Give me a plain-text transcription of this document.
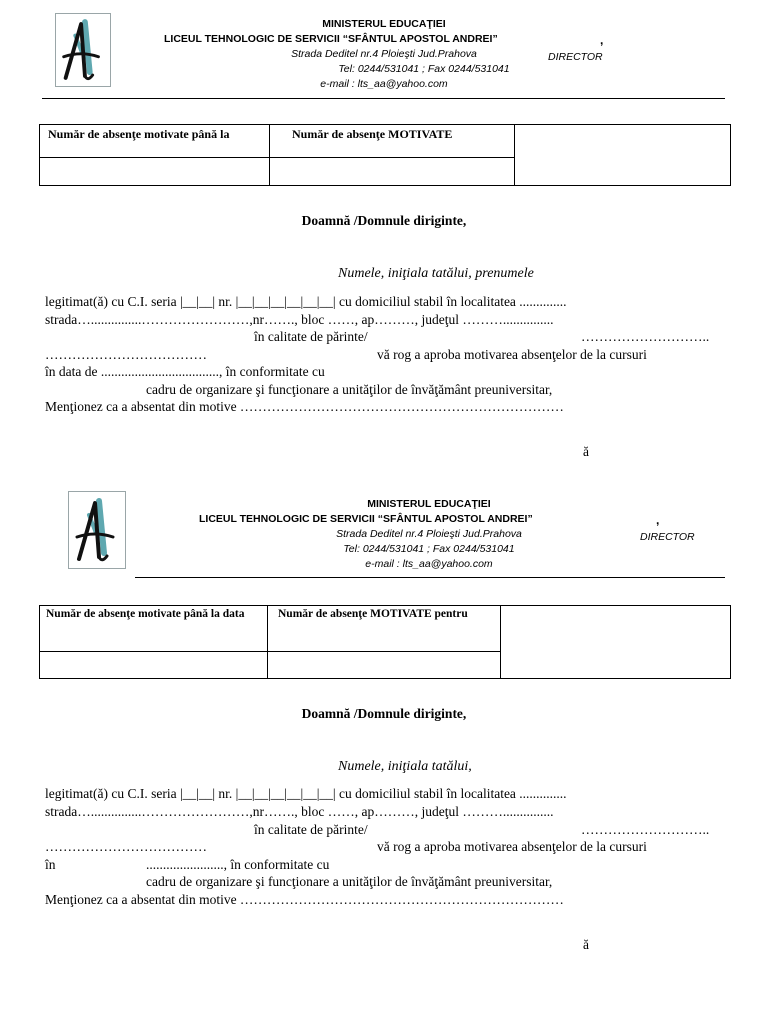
MINISTERUL EDUCAŢIEI
LICEUL TEHNOLOGIC DE SERVICII “SFÂNTUL APOSTOL ANDREI”
Strada Deditel nr.4 Ploieşti Jud.Prahova
Tel: 0244/531041 ; Fax 0244/531041
e-mail : lts_aa@yahoo.com
,
DIRECTOR
Număr de absenţe motivate până la	Număr de absenţe MOTIVATE	

Doamnă /Domnule diriginte,
Numele, iniţiala tatălui, prenumele
legitimat(ă) cu C.I. seria |__|__| nr. |__|__|__|__|__|__| cu domiciliul stabil în localitatea ..............
strada…...............……………………,nr……., bloc ……, ap………, judeţul ………...............
în calitate de părinte/	………………………..
………………………………	vă rog a aproba motivarea absenţelor de la cursuri
în data de ..................................., în conformitate cu
cadru de organizare şi funcţionare a unităţilor de învăţământ preuniversitar,
Menţionez ca a absentat din motive ………………………………………………………………
ă
MINISTERUL EDUCAŢIEI
LICEUL TEHNOLOGIC DE SERVICII “SFÂNTUL APOSTOL ANDREI”
Strada Deditel nr.4 Ploieşti Jud.Prahova
Tel: 0244/531041 ; Fax 0244/531041
e-mail : lts_aa@yahoo.com
,
DIRECTOR
Număr de absenţe motivate până la data	Număr de absenţe MOTIVATE pentru	

Doamnă /Domnule diriginte,
Numele, iniţiala tatălui,
legitimat(ă) cu C.I. seria |__|__| nr. |__|__|__|__|__|__| cu domiciliul stabil în localitatea ..............
strada…...............……………………,nr……., bloc ……, ap………, judeţul ………...............
în calitate de părinte/	………………………..
………………………………	vă rog a aproba motivarea absenţelor de la cursuri
în	......................., în conformitate cu
cadru de organizare şi funcţionare a unităţilor de învăţământ preuniversitar,
Menţionez ca a absentat din motive ………………………………………………………………
ă
